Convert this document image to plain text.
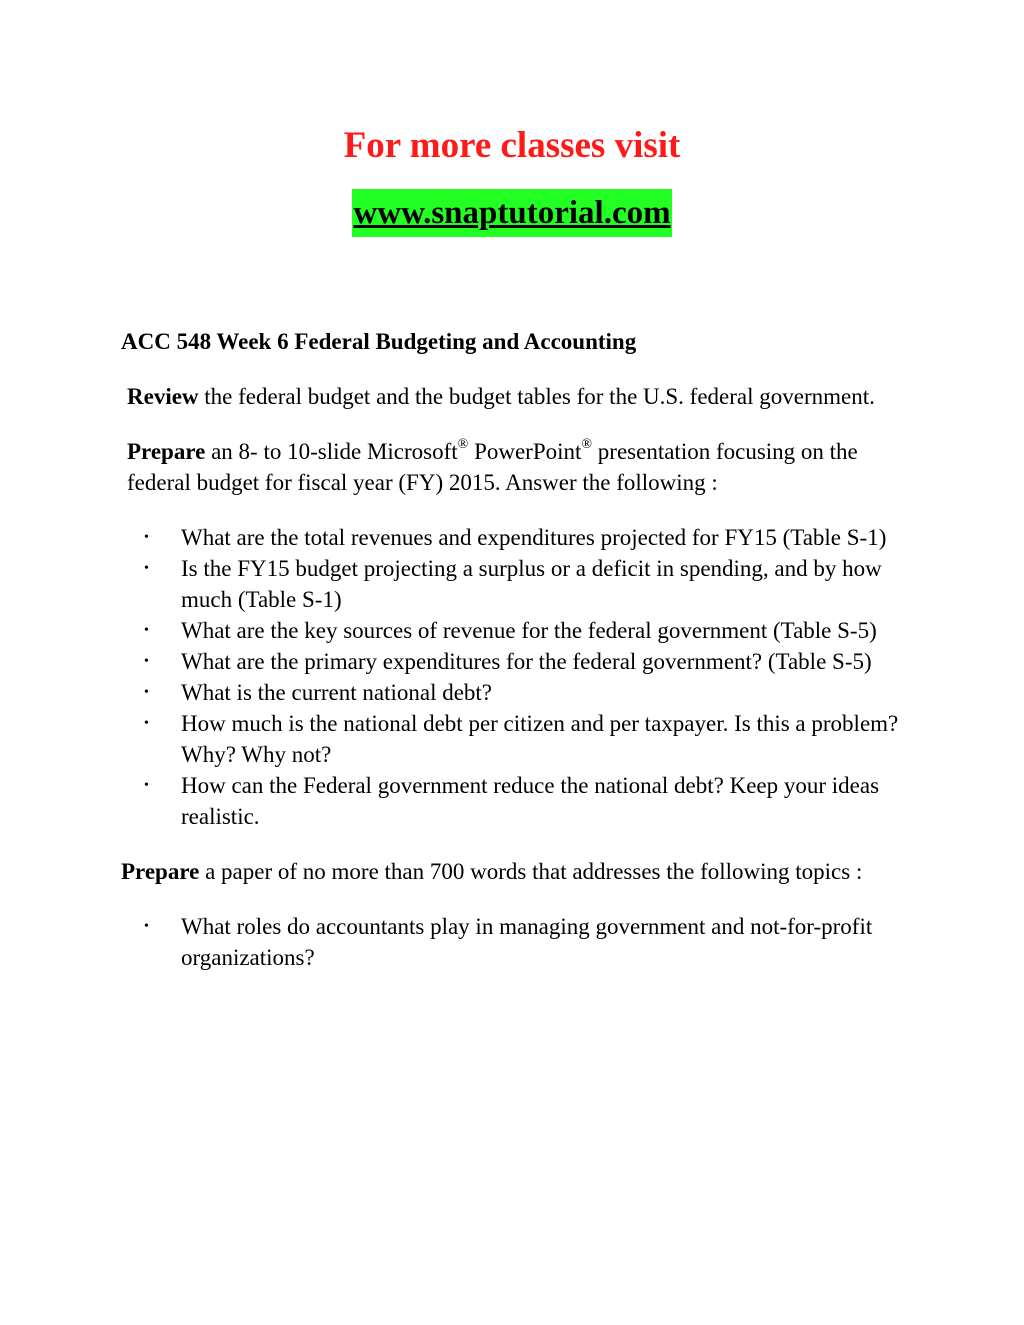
For more classes visit
www.snaptutorial.com
ACC 548 Week 6 Federal Budgeting and Accounting
Review the federal budget and the budget tables for the U.S. federal government.
Prepare an 8- to 10-slide Microsoft® PowerPoint® presentation focusing on the federal budget for fiscal year (FY) 2015. Answer the following :
• What are the total revenues and expenditures projected for FY15 (Table S-1)
• Is the FY15 budget projecting a surplus or a deficit in spending, and by how much (Table S-1)
• What are the key sources of revenue for the federal government (Table S-5)
• What are the primary expenditures for the federal government? (Table S-5)
• What is the current national debt?
• How much is the national debt per citizen and per taxpayer. Is this a problem? Why? Why not?
• How can the Federal government reduce the national debt? Keep your ideas realistic.
Prepare a paper of no more than 700 words that addresses the following topics :
• What roles do accountants play in managing government and not-for-profit organizations?
